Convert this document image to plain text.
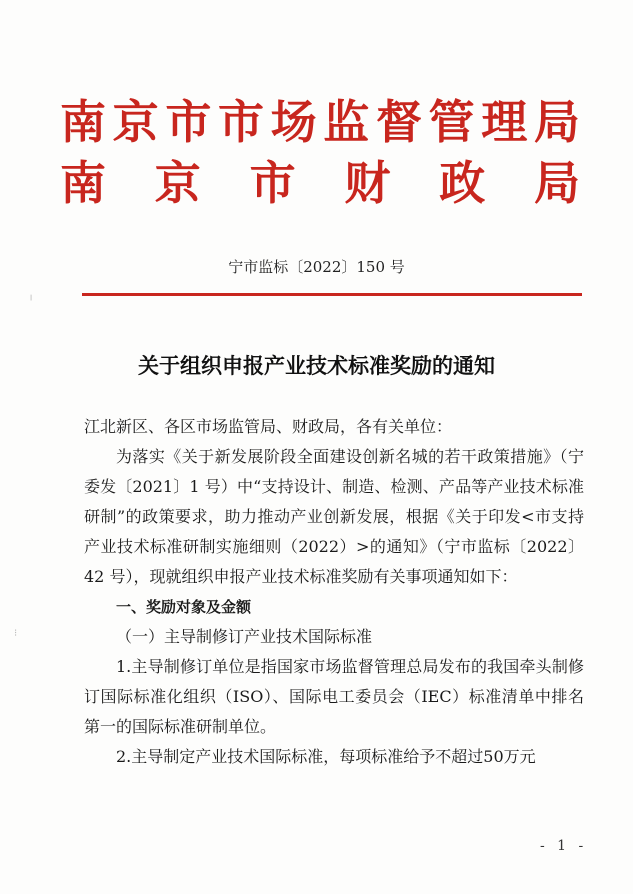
南 京 市 市 场 监 督 管 理 局
南 京 市 财 政 局
宁市监标〔2022〕150 号
关于组织申报产业技术标准奖励的通知

江北新区、各区市场监管局、财政局，各有关单位：

为落实《关于新发展阶段全面建设创新名城的若干政策措施》（宁委发〔2021〕1 号）中“支持设计、制造、检测、产品等产业技术标准研制”的政策要求，助力推动产业创新发展，根据《关于印发<市支持产业技术标准研制实施细则（2022）>的通知》（宁市监标〔2022〕42 号），现就组织申报产业技术标准奖励有关事项通知如下：

一、奖励对象及金额

（一）主导制修订产业技术国际标准

1.主导制修订单位是指国家市场监督管理总局发布的我国牵头制修订国际标准化组织（ISO）、国际电工委员会（IEC）标准清单中排名第一的国际标准研制单位。

2.主导制定产业技术国际标准，每项标准给予不超过50万元

- 1 -
╷
⁝
